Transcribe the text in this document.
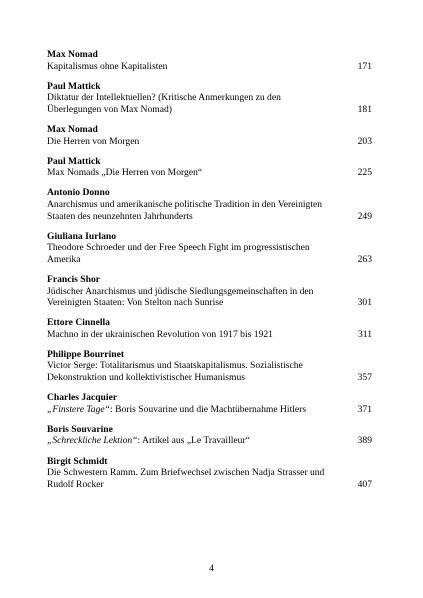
Max Nomad
Kapitalismus ohne Kapitalisten	171
Paul Mattick
Diktatur der Intellektuellen? (Kritische Anmerkungen zu den Überlegungen von Max Nomad)	181
Max Nomad
Die Herren von Morgen	203
Paul Mattick
Max Nomads „Die Herren von Morgen“	225
Antonio Donno
Anarchismus und amerikanische politische Tradition in den Vereinigten Staaten des neunzehnten Jahrhunderts	249
Giuliana Iurlano
Theodore Schroeder und der Free Speech Fight im progressistischen Amerika	263
Francis Shor
Jüdischer Anarchismus und jüdische Siedlungsgemeinschaften in den Vereinigten Staaten: Von Stelton nach Sunrise	301
Ettore Cinnella
Machno in der ukrainischen Revolution von 1917 bis 1921	311
Philippe Bourrinet
Victor Serge: Totalitarismus und Staatskapitalismus. Sozialistische Dekonstruktion und kollektivistischer Humanismus	357
Charles Jacquier
„Finstere Tage“: Boris Souvarine und die Machtübernahme Hitlers	371
Boris Souvarine
„Schreckliche Lektion“: Artikel aus „Le Travailleur“	389
Birgit Schmidt
Die Schwestern Ramm. Zum Briefwechsel zwischen Nadja Strasser und Rudolf Rocker	407
4
